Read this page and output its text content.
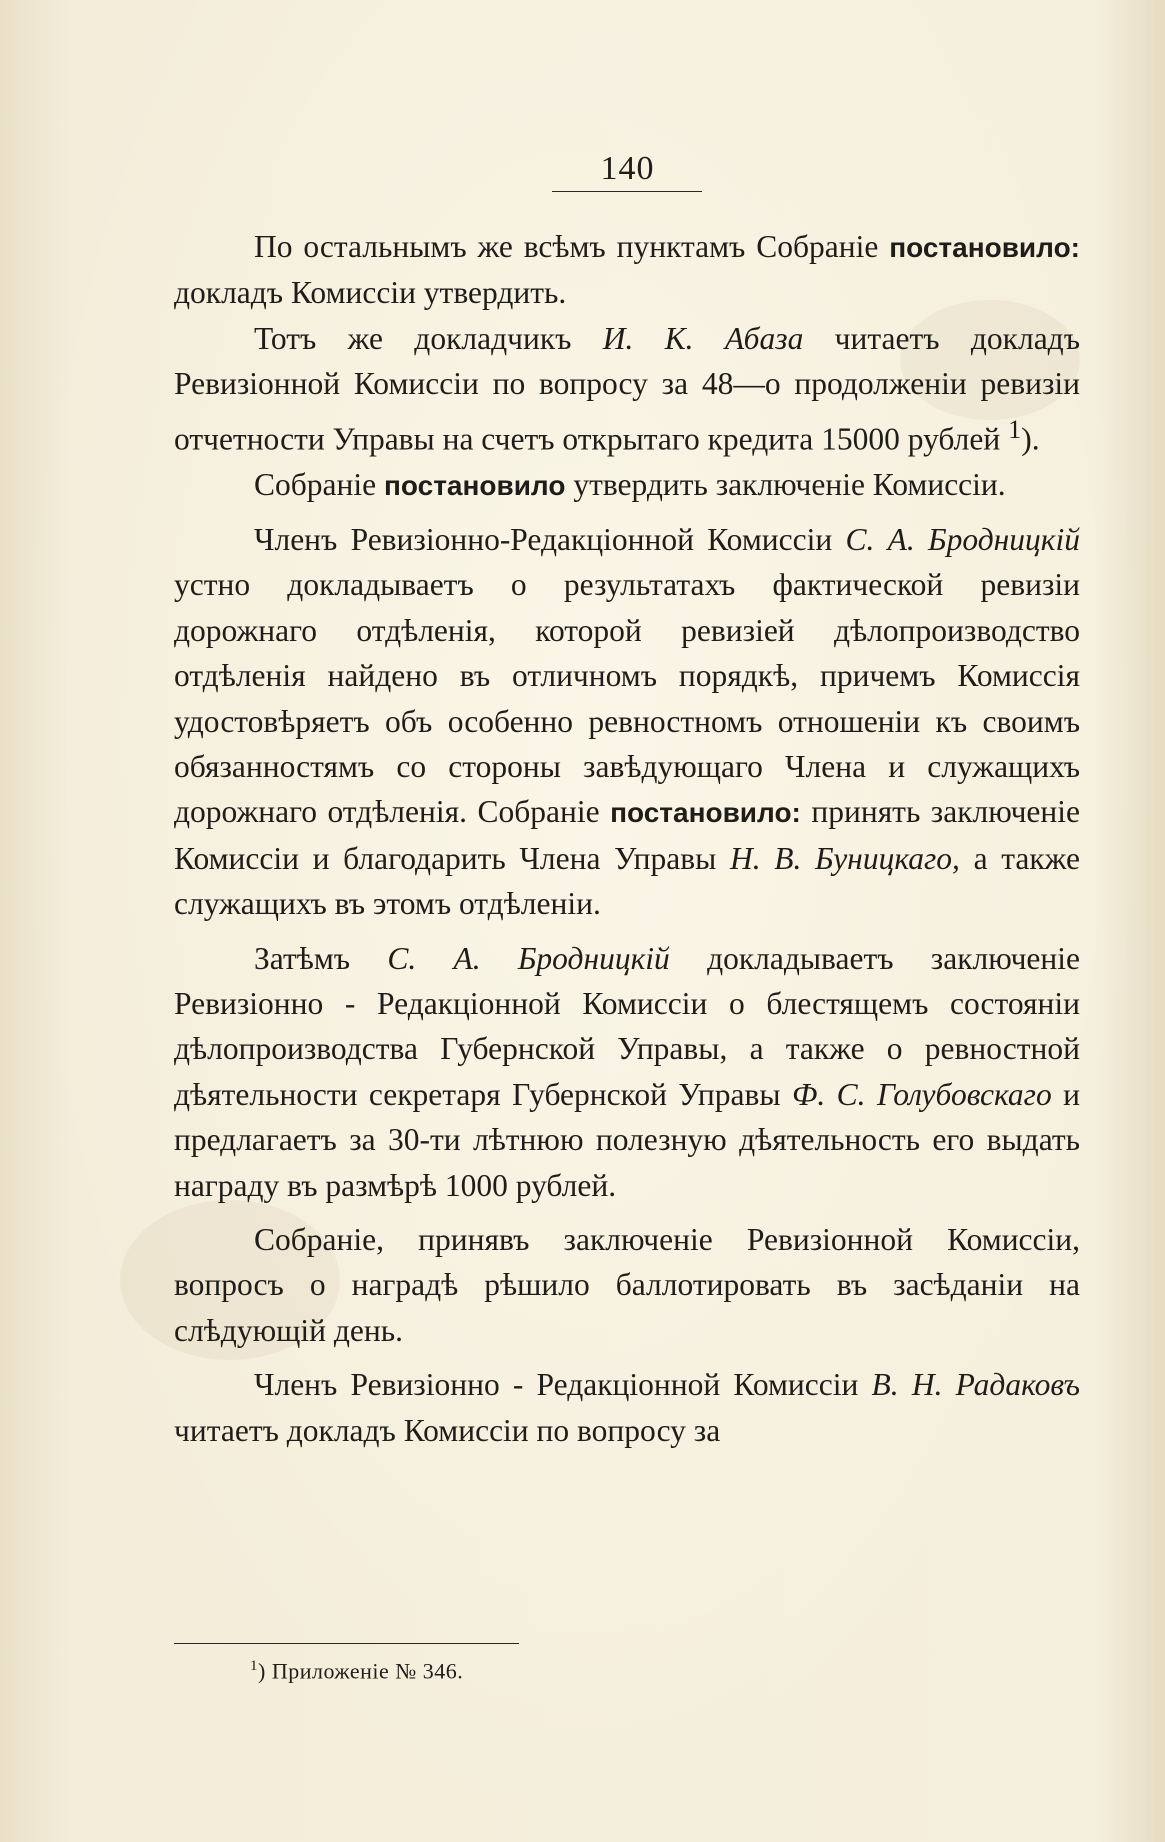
140

По остальнымъ же всѣмъ пунктамъ Собраніе постановило: докладъ Комиссіи утвердить.

Тотъ же докладчикъ И. К. Абаза читаетъ докладъ Ревизіонной Комиссіи по вопросу за 48—о продолженіи ревизіи отчетности Управы на счетъ открытаго кредита 15000 рублей $^1$).

Собраніе постановило утвердить заключеніе Комиссіи.

Членъ Ревизіонно-Редакціонной Комиссіи С. А. Бродницкій устно докладываетъ о результатахъ фактической ревизіи дорожнаго отдѣленія, которой ревизіей дѣлопроизводство отдѣленія найдено въ отличномъ порядкѣ, причемъ Комиссія удостовѣряетъ объ особенно ревностномъ отношеніи къ своимъ обязанностямъ со стороны завѣдующаго Члена и служащихъ дорожнаго отдѣленія. Собраніе постановило: принять заключеніе Комиссіи и благодарить Члена Управы Н. В. Буницкаго, а также служащихъ въ этомъ отдѣленіи.

Затѣмъ С. А. Бродницкій докладываетъ заключеніе Ревизіонно - Редакціонной Комиссіи о блестящемъ состояніи дѣлопроизводства Губернской Управы, а также о ревностной дѣятельности секретаря Губернской Управы Ф. С. Голубовскаго и предлагаетъ за 30-ти лѣтнюю полезную дѣятельность его выдать награду въ размѣрѣ 1000 рублей.

Собраніе, принявъ заключеніе Ревизіонной Комиссіи, вопросъ о наградѣ рѣшило баллотировать въ засѣданіи на слѣдующій день.

Членъ Ревизіонно - Редакціонной Комиссіи В. Н. Радаковъ читаетъ докладъ Комиссіи по вопросу за

$^1$) Приложеніе № 346.
